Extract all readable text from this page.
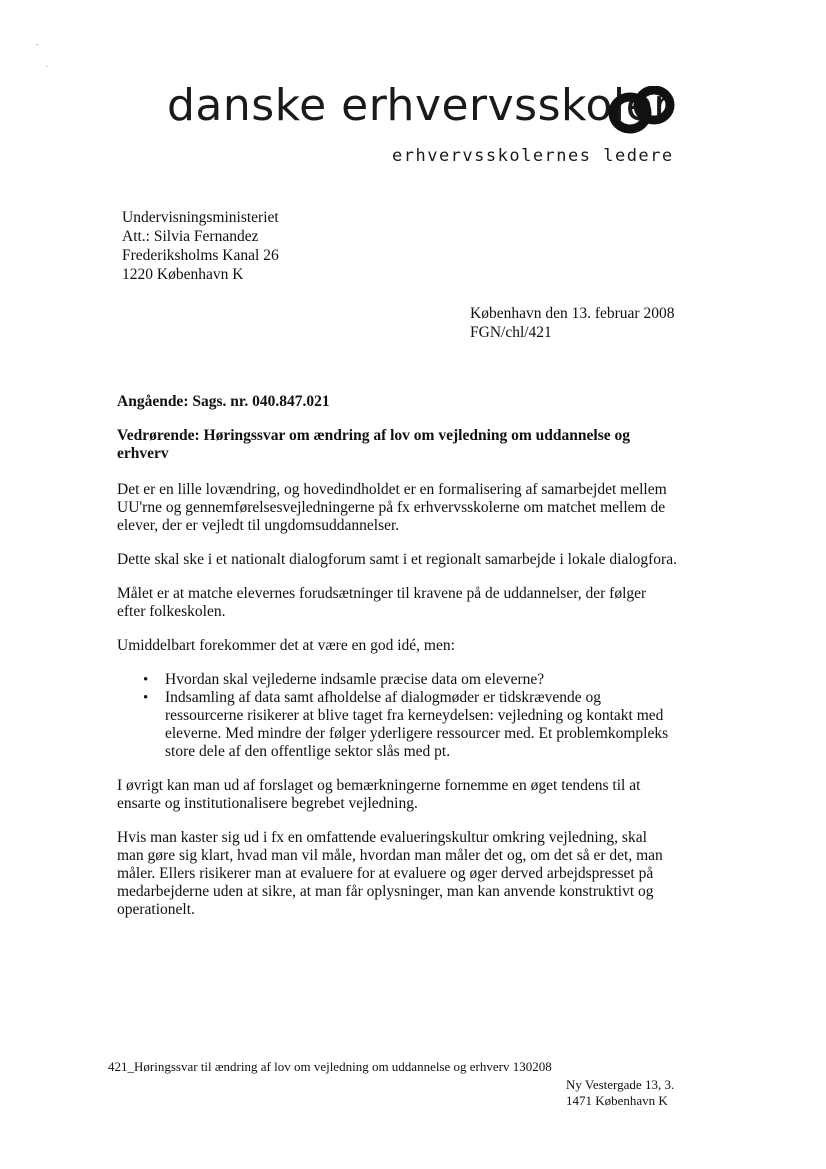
-
·
danske erhvervsskoler
erhvervsskolernes ledere
Undervisningsministeriet
Att.: Silvia Fernandez
Frederiksholms Kanal 26
1220 København K
København den 13. februar 2008
FGN/chl/421
Angående: Sags. nr. 040.847.021
Vedrørende: Høringssvar om ændring af lov om vejledning om uddannelse og erhverv

Det er en lille lovændring, og hovedindholdet er en formalisering af samarbejdet mellem UU'rne og gennemførelsesvejledningerne på fx erhvervsskolerne om matchet mellem de elever, der er vejledt til ungdomsuddannelser.

Dette skal ske i et nationalt dialogforum samt i et regionalt samarbejde i lokale dialogfora.

Målet er at matche elevernes forudsætninger til kravene på de uddannelser, der følger efter folkeskolen.

Umiddelbart forekommer det at være en god idé, men:

• Hvordan skal vejlederne indsamle præcise data om eleverne?
• Indsamling af data samt afholdelse af dialogmøder er tidskrævende og ressourcerne risikerer at blive taget fra kerneydelsen: vejledning og kontakt med eleverne. Med mindre der følger yderligere ressourcer med. Et problemkompleks store dele af den offentlige sektor slås med pt.

I øvrigt kan man ud af forslaget og bemærkningerne fornemme en øget tendens til at ensarte og institutionalisere begrebet vejledning.

Hvis man kaster sig ud i fx en omfattende evalueringskultur omkring vejledning, skal man gøre sig klart, hvad man vil måle, hvordan man måler det og, om det så er det, man måler. Ellers risikerer man at evaluere for at evaluere og øger derved arbejdspresset på medarbejderne uden at sikre, at man får oplysninger, man kan anvende konstruktivt og operationelt.

421_Høringssvar til ændring af lov om vejledning om uddannelse og erhverv 130208
Ny Vestergade 13, 3.
1471 København K
